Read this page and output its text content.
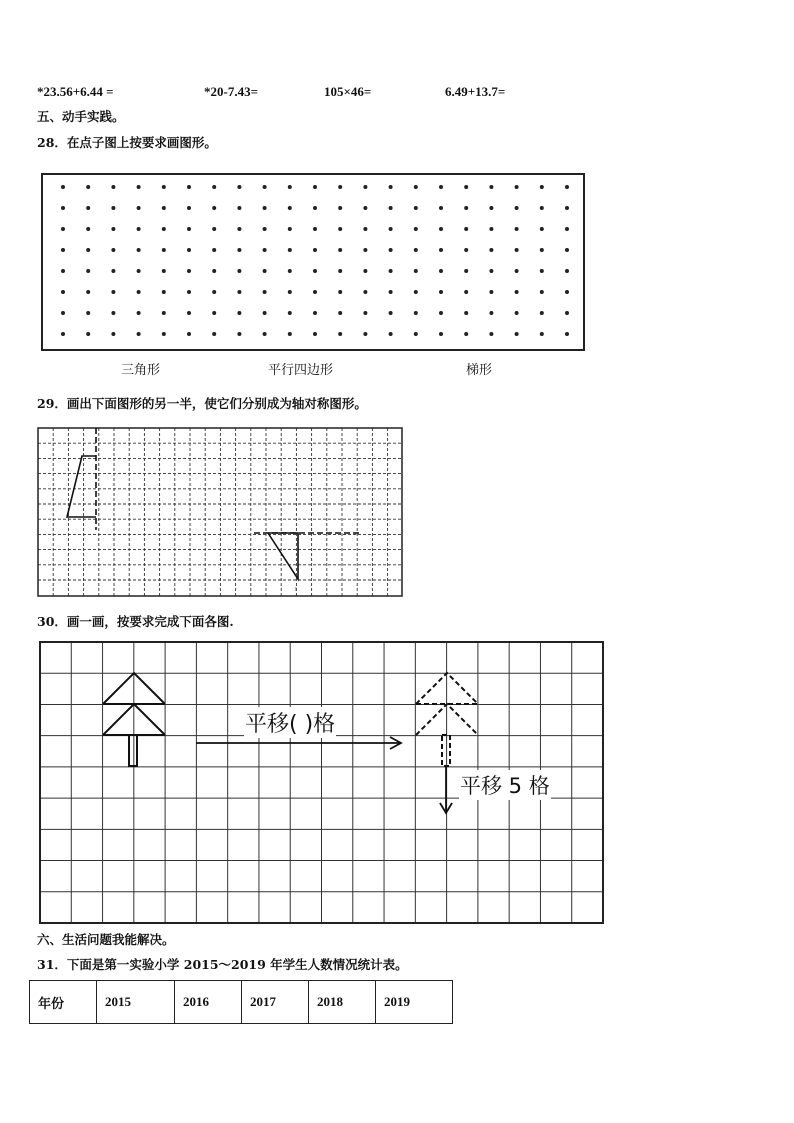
*23.56+6.44 =	*20-7.43=	105×46=	6.49+13.7=
五、动手实践。
28．在点子图上按要求画图形。
三角形	平行四边形	梯形
29．画出下面图形的另一半，使它们分别成为轴对称图形。
ᴵ
30．画一画，按要求完成下面各图.
平移( )格
平移 5 格
六、生活问题我能解决。
31．下面是第一实验小学 2015～2019 年学生人数情况统计表。
年份	2015	2016	2017	2018	2019
